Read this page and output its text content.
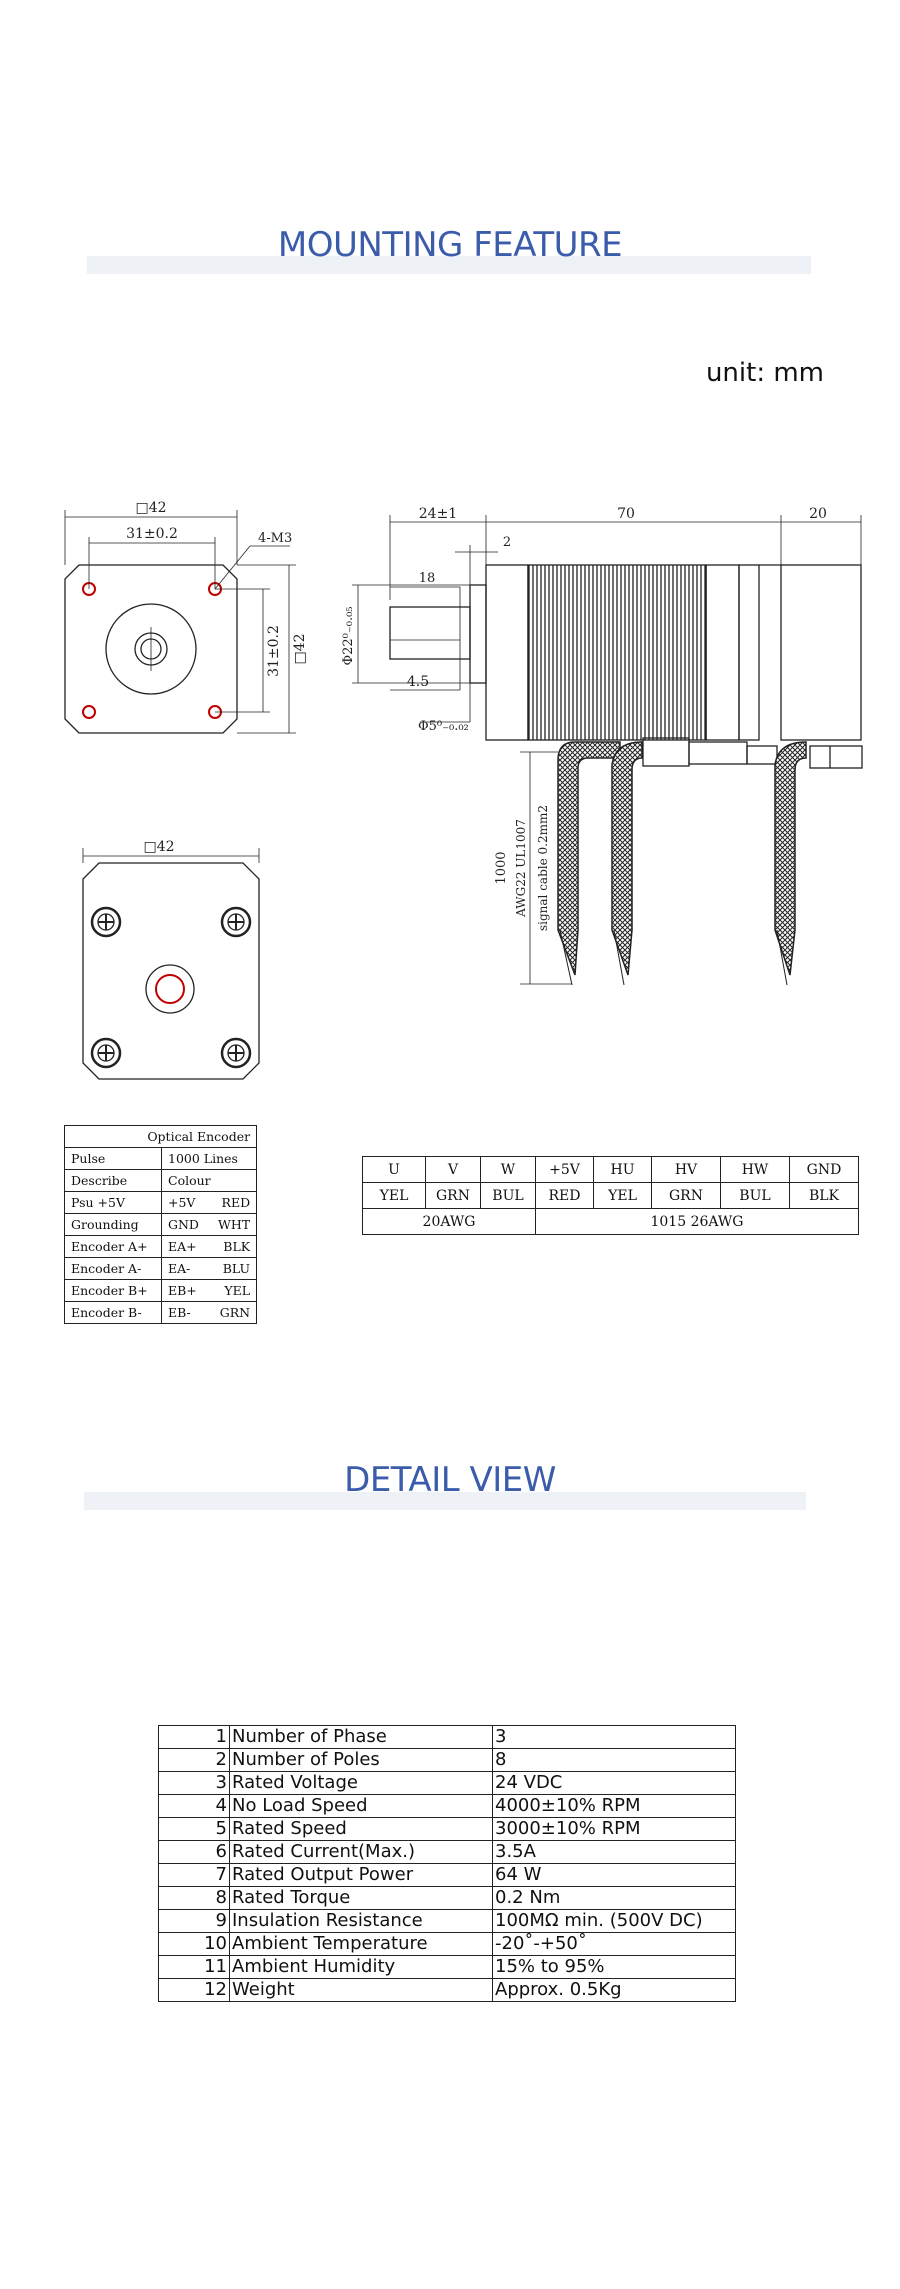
MOUNTING FEATURE
unit: mm
□42
31±0.2	4-M3
31±0.2 □42
□42
24±1	70	20
2
18
Φ22⁰₋₀.₀₅
4.5
Φ5⁰₋₀.₀₂
1000 AWG22 UL1007 signal cable 0.2mm2
Optical Encoder		
Pulse	1000 Lines	
Describe	Colour	
Psu +5V	+5V	RED
Grounding	GND	WHT
Encoder A+	EA+	BLK
Encoder A-	EA-	BLU
Encoder B+	EB+	YEL
Encoder B-	EB-	GRN
U	V	W	+5V	HU	HV	HW	GND
YEL	GRN	BUL	RED	YEL	GRN	BUL	BLK
20AWG			1015 26AWG				
DETAIL VIEW
1	Number of Phase	3
2	Number of Poles	8
3	Rated Voltage	24 VDC
4	No Load Speed	4000±10% RPM
5	Rated Speed	3000±10% RPM
6	Rated Current(Max.)	3.5A
7	Rated Output Power	64 W
8	Rated Torque	0.2 Nm
9	Insulation Resistance	100MΩ min. (500V DC)
10	Ambient Temperature	-20˚-+50˚
11	Ambient Humidity	15% to 95%
12	Weight	Approx. 0.5Kg
